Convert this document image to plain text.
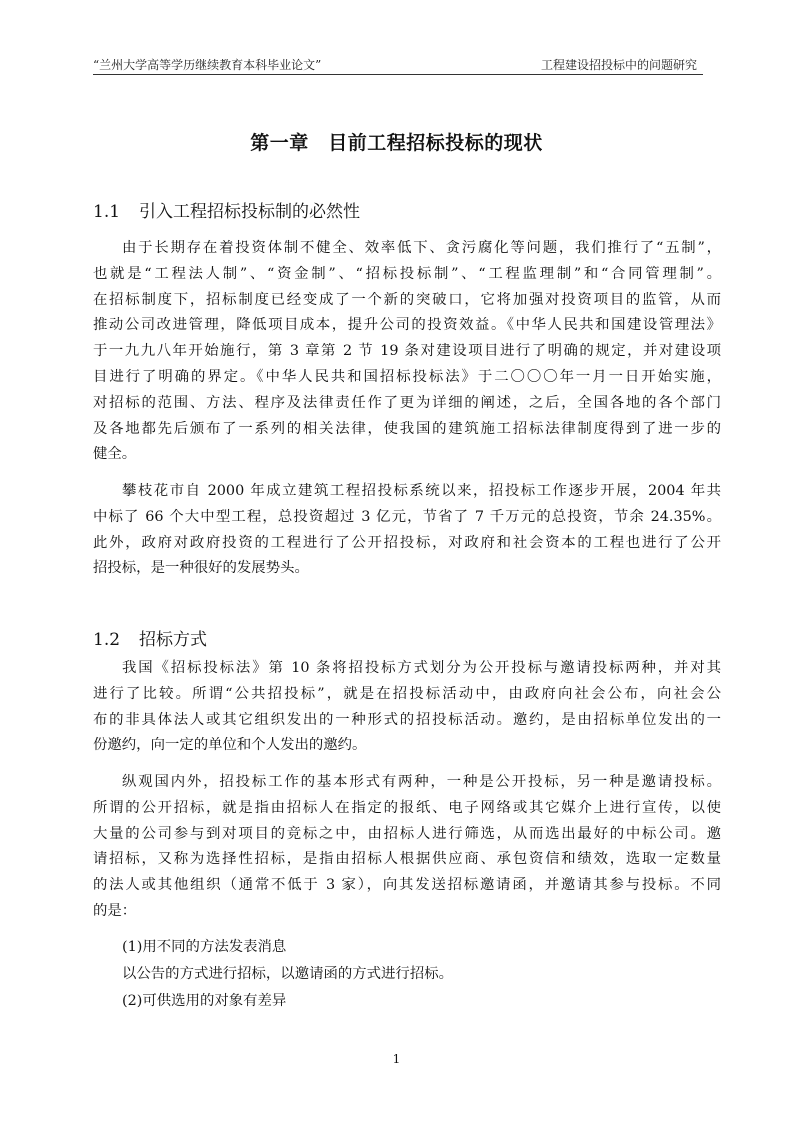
“兰州大学高等学历继续教育本科毕业论文”	工程建设招投标中的问题研究
第一章　目前工程招标投标的现状
1.1 引入工程招标投标制的必然性
由于长期存在着投资体制不健全、效率低下、贪污腐化等问题，我们推行了“五制”，
也就是“工程法人制”、“资金制”、“招标投标制”、“工程监理制”和“合同管理制”。
在招标制度下，招标制度已经变成了一个新的突破口，它将加强对投资项目的监管，从而
推动公司改进管理，降低项目成本，提升公司的投资效益。《中华人民共和国建设管理法》
于一九九八年开始施行，第 3 章第 2 节 19 条对建设项目进行了明确的规定，并对建设项
目进行了明确的界定。《中华人民共和国招标投标法》于二〇〇〇年一月一日开始实施，
对招标的范围、方法、程序及法律责任作了更为详细的阐述，之后，全国各地的各个部门
及各地都先后颁布了一系列的相关法律，使我国的建筑施工招标法律制度得到了进一步的
健全。
攀枝花市自 2000 年成立建筑工程招投标系统以来，招投标工作逐步开展，2004 年共
中标了 66 个大中型工程，总投资超过 3 亿元，节省了 7 千万元的总投资，节余 24.35%。
此外，政府对政府投资的工程进行了公开招投标，对政府和社会资本的工程也进行了公开
招投标，是一种很好的发展势头。
1.2 招标方式
我国《招标投标法》第 10 条将招投标方式划分为公开投标与邀请投标两种，并对其
进行了比较。所谓“公共招投标”，就是在招投标活动中，由政府向社会公布，向社会公
布的非具体法人或其它组织发出的一种形式的招投标活动。邀约，是由招标单位发出的一
份邀约，向一定的单位和个人发出的邀约。
纵观国内外，招投标工作的基本形式有两种，一种是公开投标，另一种是邀请投标。
所谓的公开招标，就是指由招标人在指定的报纸、电子网络或其它媒介上进行宣传，以使
大量的公司参与到对项目的竞标之中，由招标人进行筛选，从而选出最好的中标公司。邀
请招标，又称为选择性招标，是指由招标人根据供应商、承包资信和绩效，选取一定数量
的法人或其他组织（通常不低于 3 家），向其发送招标邀请函，并邀请其参与投标。不同
的是：
(1)用不同的方法发表消息
以公告的方式进行招标，以邀请函的方式进行招标。
(2)可供选用的对象有差异
1
